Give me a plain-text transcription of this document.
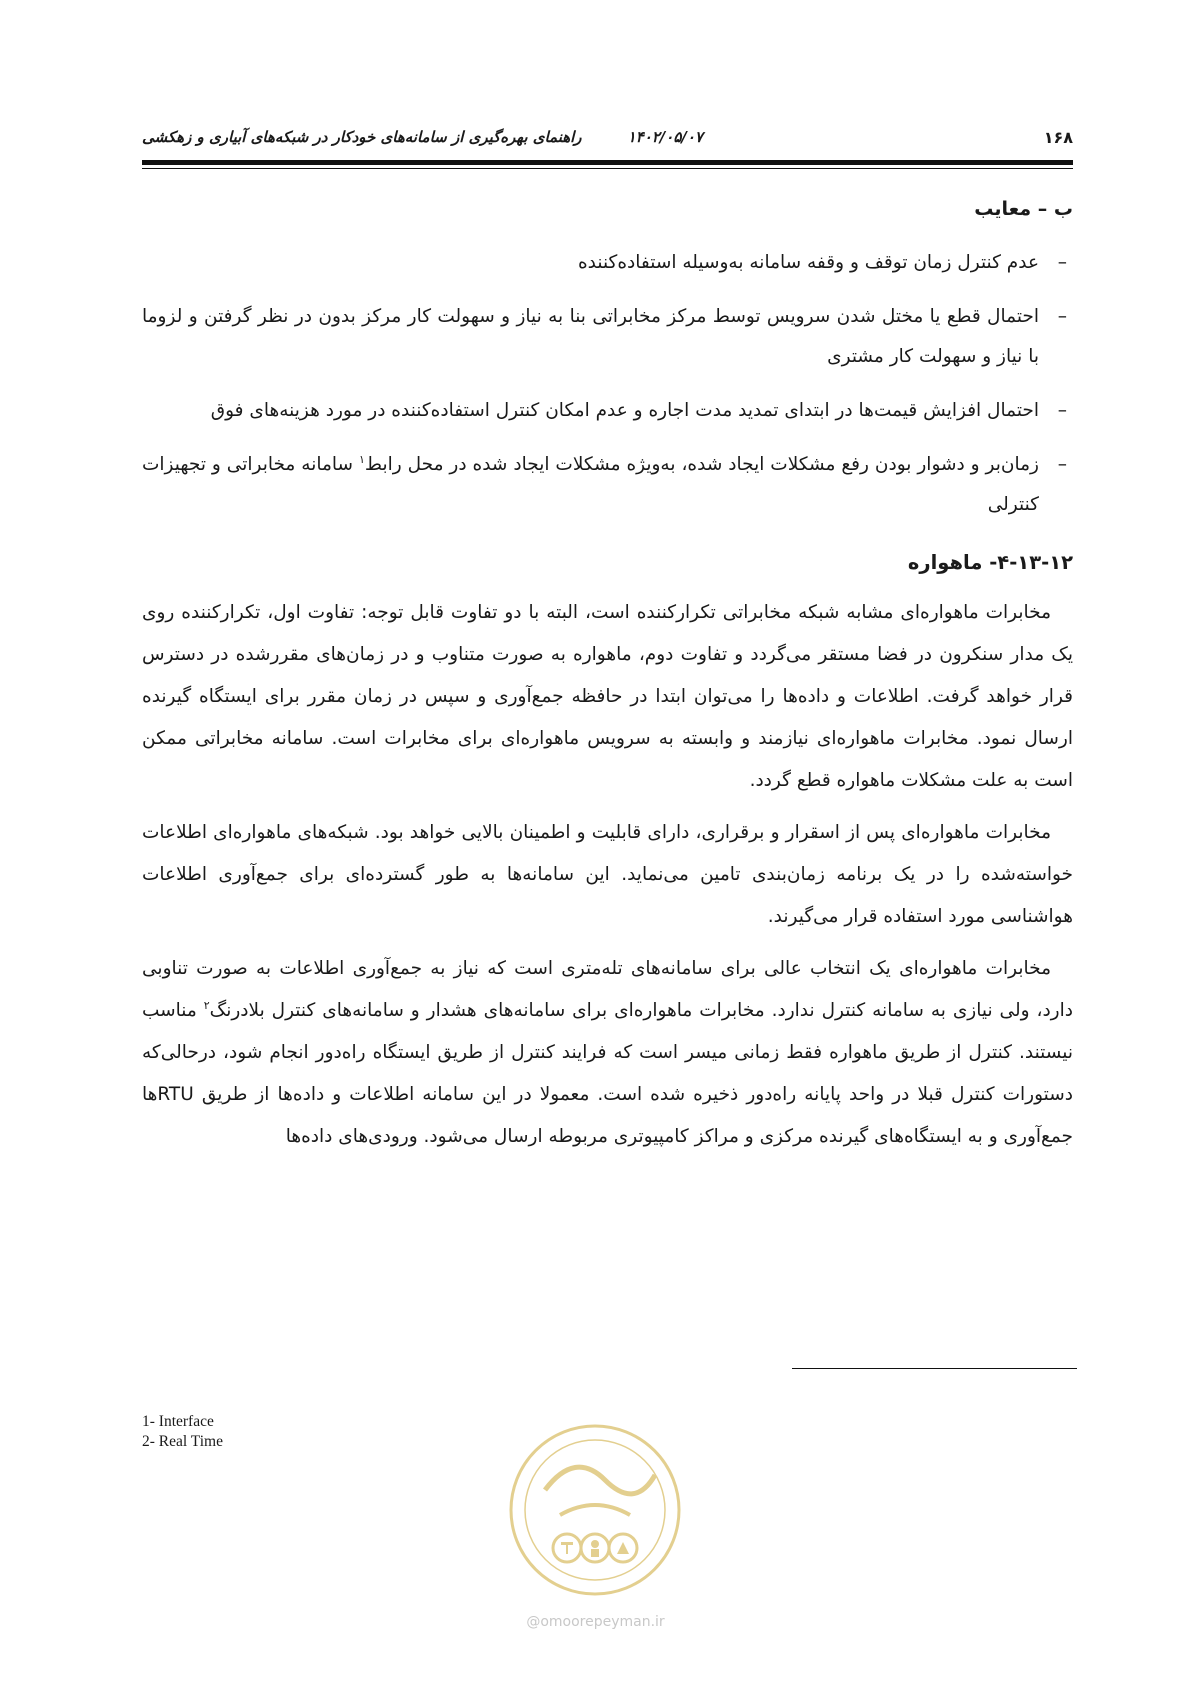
۱۶۸
۱۴۰۲/۰۵/۰۷
راهنمای بهره‌گیری از سامانه‌های خودکار در شبکه‌های آبیاری و زهکشی
ب – معایب
–
عدم کنترل زمان توقف و وقفه سامانه به‌وسیله استفاده‌کننده
–
احتمال قطع یا مختل شدن سرویس توسط مرکز مخابراتی بنا به نیاز و سهولت کار مرکز بدون در نظر گرفتن و لزوما با نیاز و سهولت کار مشتری
–
احتمال افزایش قیمت‌ها در ابتدای تمدید مدت اجاره و عدم امکان کنترل استفاده‌کننده در مورد هزینه‌های فوق
–
زمان‌بر و دشوار بودن رفع مشکلات ایجاد شده، به‌ویژه مشکلات ایجاد شده در محل رابط$^۱$ سامانه مخابراتی و تجهیزات کنترلی
۴-۱۳-۱۲- ماهواره

مخابرات ماهواره‌ای مشابه شبکه مخابراتی تکرارکننده است، البته با دو تفاوت قابل توجه: تفاوت اول، تکرارکننده روی یک مدار سنکرون در فضا مستقر می‌گردد و تفاوت دوم، ماهواره به صورت متناوب و در زمان‌های مقررشده در دسترس قرار خواهد گرفت. اطلاعات و داده‌ها را می‌توان ابتدا در حافظه جمع‌آوری و سپس در زمان مقرر برای ایستگاه گیرنده ارسال نمود. مخابرات ماهواره‌ای نیازمند و وابسته به سرویس ماهواره‌ای برای مخابرات است. سامانه مخابراتی ممکن است به علت مشکلات ماهواره قطع گردد.

مخابرات ماهواره‌ای پس از اسقرار و برقراری، دارای قابلیت و اطمینان بالایی خواهد بود. شبکه‌های ماهواره‌ای اطلاعات خواسته‌شده را در یک برنامه زمان‌بندی تامین می‌نماید. این سامانه‌ها به طور گسترده‌ای برای جمع‌آوری اطلاعات هواشناسی مورد استفاده قرار می‌گیرند.

مخابرات ماهواره‌ای یک انتخاب عالی برای سامانه‌های تله‌متری است که نیاز به جمع‌آوری اطلاعات به صورت تناوبی دارد، ولی نیازی به سامانه کنترل ندارد. مخابرات ماهواره‌ای برای سامانه‌های هشدار و سامانه‌های کنترل بلادرنگ$^۲$ مناسب نیستند. کنترل از طریق ماهواره فقط زمانی میسر است که فرایند کنترل از طریق ایستگاه راه‌دور انجام شود، درحالی‌که دستورات کنترل قبلا در واحد پایانه راه‌دور ذخیره شده است. معمولا در این سامانه اطلاعات و داده‌ها از طریق RTUها جمع‌آوری و به ایستگاه‌های گیرنده مرکزی و مراکز کامپیوتری مربوطه ارسال می‌شود. ورودی‌های داده‌ها

1- Interface
2- Real Time
@omoorepeyman.ir
